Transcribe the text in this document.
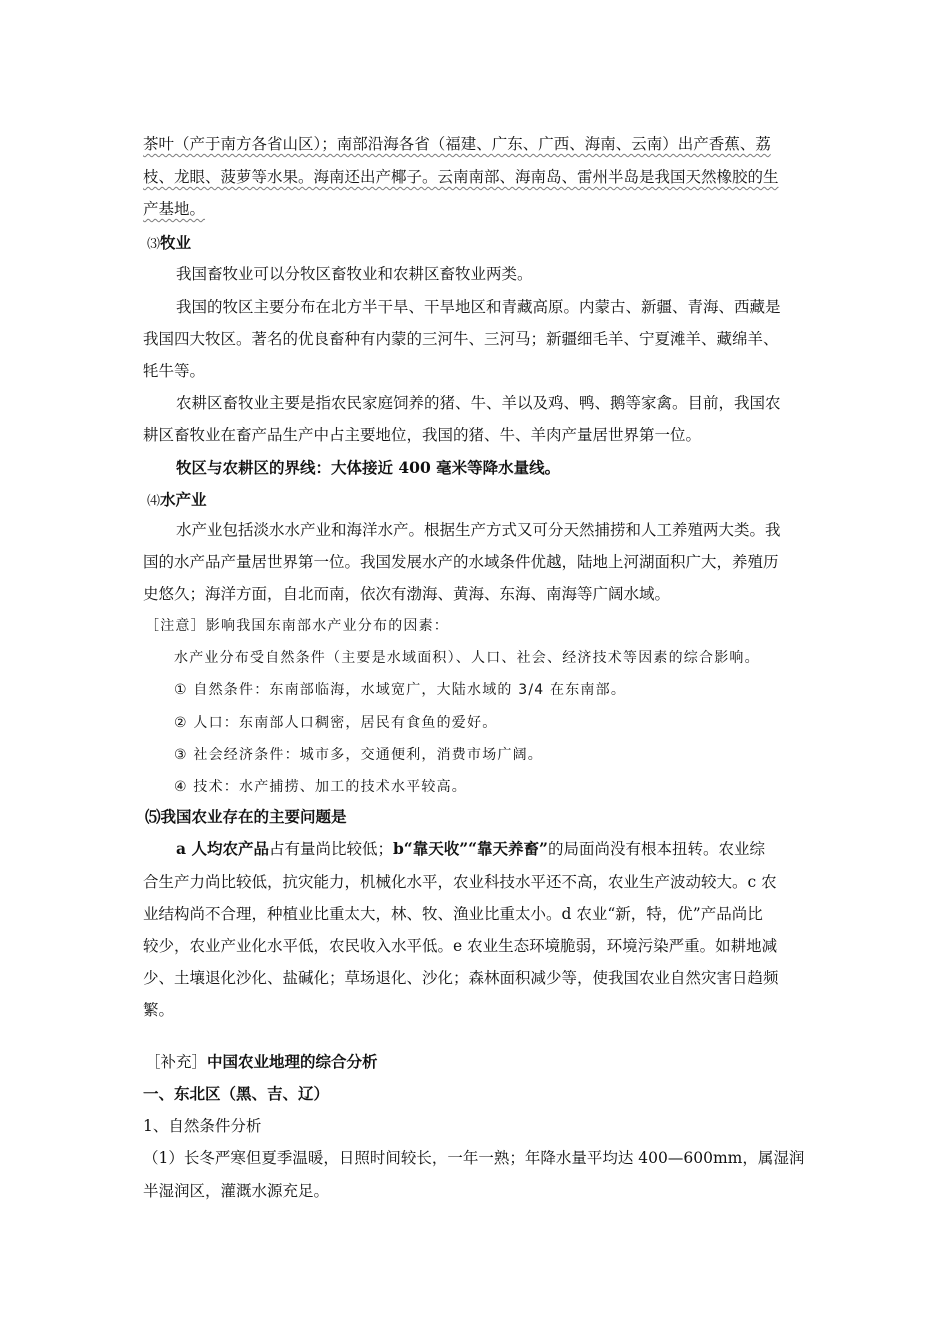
茶叶（产于南方各省山区）；南部沿海各省（福建、广东、广西、海南、云南）出产香蕉、荔
枝、龙眼、菠萝等水果。海南还出产椰子。云南南部、海南岛、雷州半岛是我国天然橡胶的生
产基地。
⑶牧业
我国畜牧业可以分牧区畜牧业和农耕区畜牧业两类。
我国的牧区主要分布在北方半干旱、干旱地区和青藏高原。内蒙古、新疆、青海、西藏是
我国四大牧区。著名的优良畜种有内蒙的三河牛、三河马；新疆细毛羊、宁夏滩羊、藏绵羊、
牦牛等。
农耕区畜牧业主要是指农民家庭饲养的猪、牛、羊以及鸡、鸭、鹅等家禽。目前，我国农
耕区畜牧业在畜产品生产中占主要地位，我国的猪、牛、羊肉产量居世界第一位。
牧区与农耕区的界线：大体接近 400 毫米等降水量线。
⑷水产业
水产业包括淡水水产业和海洋水产。根据生产方式又可分天然捕捞和人工养殖两大类。我
国的水产品产量居世界第一位。我国发展水产的水域条件优越，陆地上河湖面积广大，养殖历
史悠久；海洋方面，自北而南，依次有渤海、黄海、东海、南海等广阔水域。
［注意］影响我国东南部水产业分布的因素：
水产业分布受自然条件（主要是水域面积）、人口、社会、经济技术等因素的综合影响。
① 自然条件：东南部临海，水域宽广，大陆水域的 3/4 在东南部。
② 人口：东南部人口稠密，居民有食鱼的爱好。
③ 社会经济条件：城市多，交通便利，消费市场广阔。
④ 技术：水产捕捞、加工的技术水平较高。
⑸我国农业存在的主要问题是
a 人均农产品占有量尚比较低；b“靠天收”“靠天养畜”的局面尚没有根本扭转。农业综
合生产力尚比较低，抗灾能力，机械化水平，农业科技水平还不高，农业生产波动较大。c 农
业结构尚不合理，种植业比重太大，林、牧、渔业比重太小。d 农业“新，特，优”产品尚比
较少，农业产业化水平低，农民收入水平低。e 农业生态环境脆弱，环境污染严重。如耕地减
少、土壤退化沙化、盐碱化；草场退化、沙化；森林面积减少等，使我国农业自然灾害日趋频
繁。
［补充］中国农业地理的综合分析
一、东北区（黑、吉、辽）
1、自然条件分析
（1）长冬严寒但夏季温暖，日照时间较长，一年一熟；年降水量平均达 400—600mm，属湿润
半湿润区，灌溉水源充足。
